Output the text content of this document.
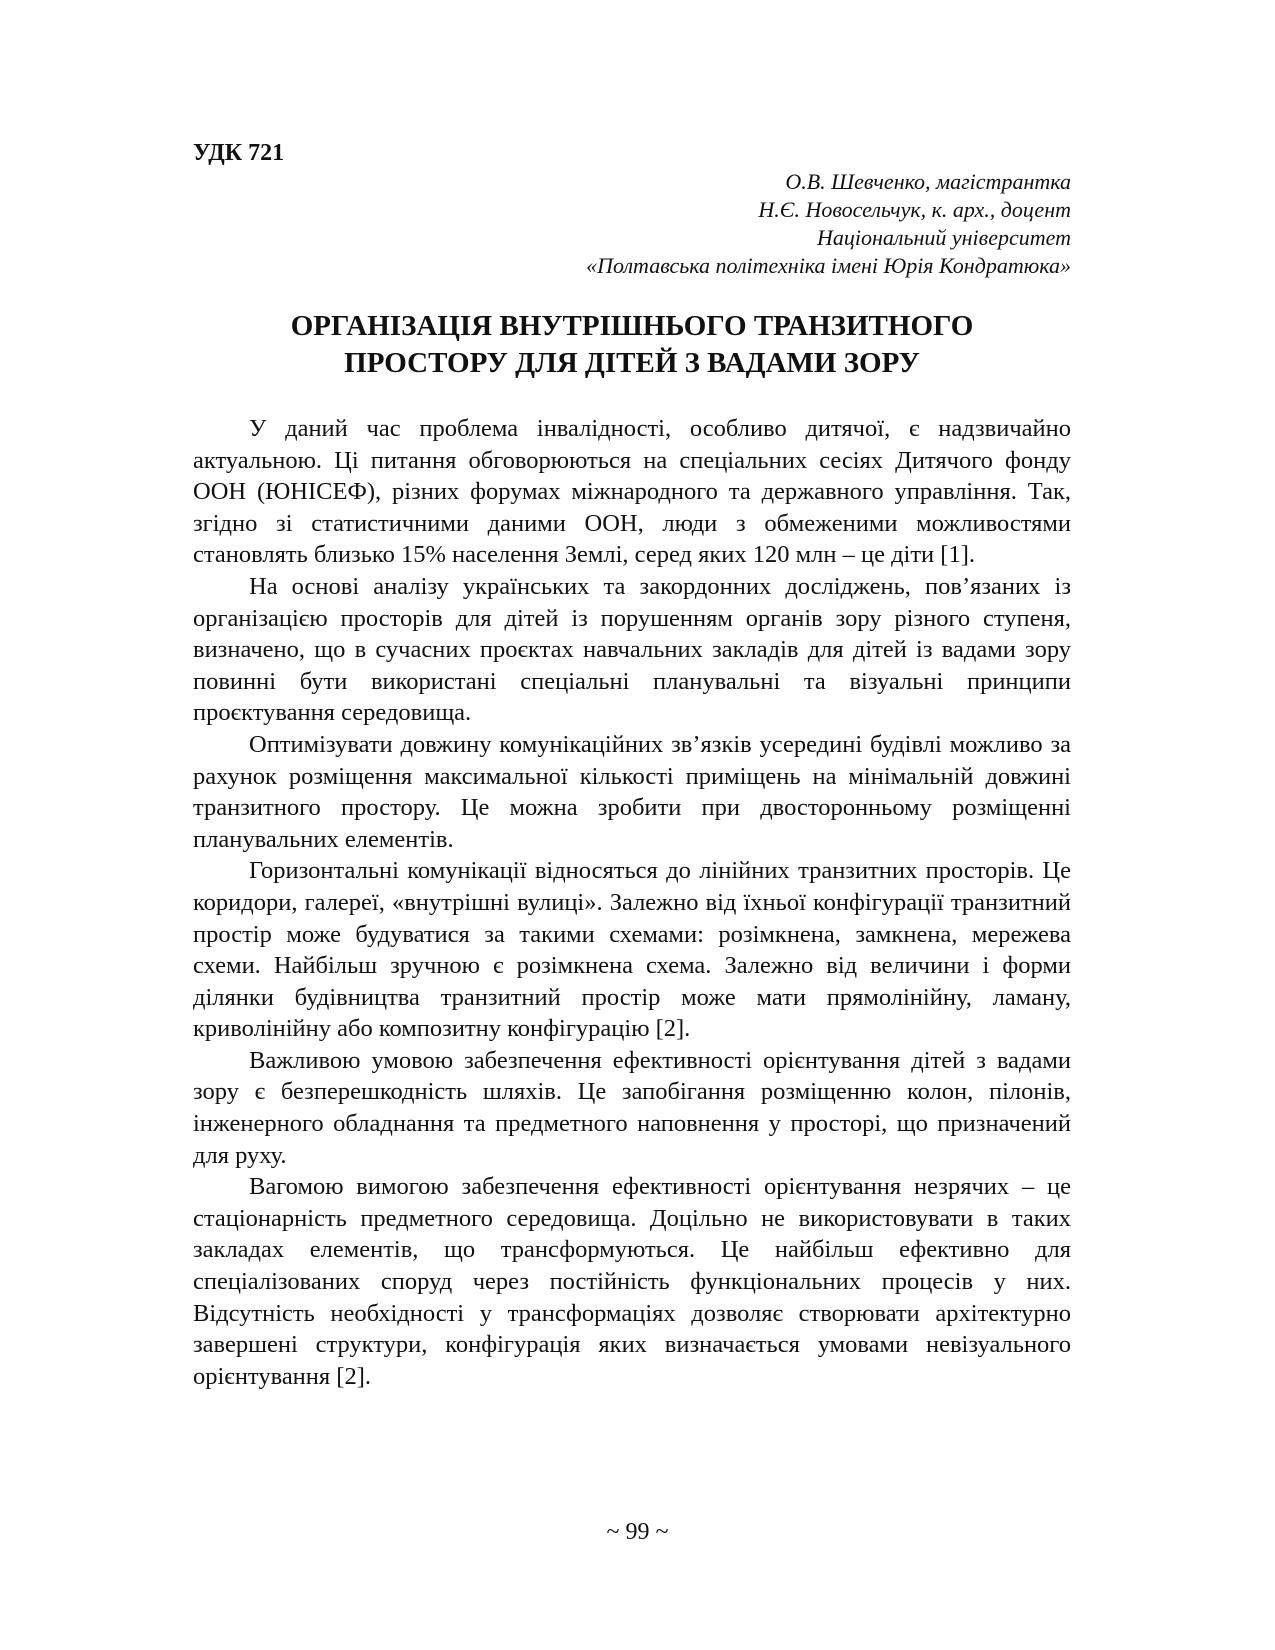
УДК 721
О.В. Шевченко, магістрантка
Н.Є. Новосельчук, к. арх., доцент
Національний університет
«Полтавська політехніка імені Юрія Кондратюка»
ОРГАНІЗАЦІЯ ВНУТРІШНЬОГО ТРАНЗИТНОГО
ПРОСТОРУ ДЛЯ ДІТЕЙ З ВАДАМИ ЗОРУ

У даний час проблема інвалідності, особливо дитячої, є надзвичайно актуальною. Ці питання обговорюються на спеціальних сесіях Дитячого фонду ООН (ЮНІСЕФ), різних форумах міжнародного та державного управління. Так, згідно зі статистичними даними ООН, люди з обмеженими можливостями становлять близько 15% населення Землі, серед яких 120 млн – це діти [1].

На основі аналізу українських та закордонних досліджень, пов’язаних із організацією просторів для дітей із порушенням органів зору різного ступеня, визначено, що в сучасних проєктах навчальних закладів для дітей із вадами зору повинні бути використані спеціальні планувальні та візуальні принципи проєктування середовища.

Оптимізувати довжину комунікаційних зв’язків усередині будівлі можливо за рахунок розміщення максимальної кількості приміщень на мінімальній довжині транзитного простору. Це можна зробити при двосторонньому розміщенні планувальних елементів.

Горизонтальні комунікації відносяться до лінійних транзитних просторів. Це коридори, галереї, «внутрішні вулиці». Залежно від їхньої конфігурації транзитний простір може будуватися за такими схемами: розімкнена, замкнена, мережева схеми. Найбільш зручною є розімкнена схема. Залежно від величини і форми ділянки будівництва транзитний простір може мати прямолінійну, ламану, криволінійну або композитну конфігурацію [2].

Важливою умовою забезпечення ефективності орієнтування дітей з вадами зору є безперешкодність шляхів. Це запобігання розміщенню колон, пілонів, інженерного обладнання та предметного наповнення у просторі, що призначений для руху.

Вагомою вимогою забезпечення ефективності орієнтування незрячих – це стаціонарність предметного середовища. Доцільно не використовувати в таких закладах елементів, що трансформуються. Це найбільш ефективно для спеціалізованих споруд через постійність функціональних процесів у них. Відсутність необхідності у трансформаціях дозволяє створювати архітектурно завершені структури, конфігурація яких визначається умовами невізуального орієнтування [2].

~ 99 ~
